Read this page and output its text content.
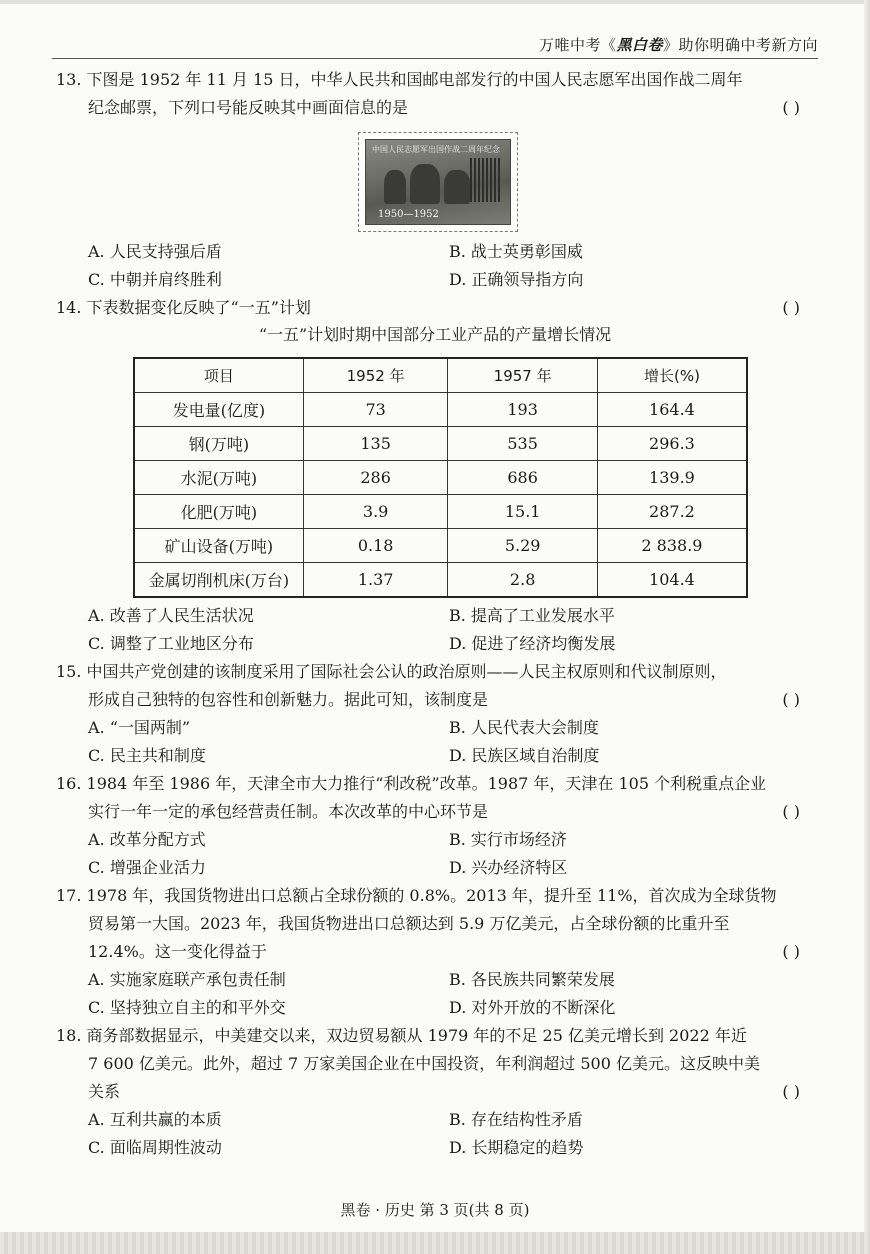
万唯中考《黑白卷》助你明确中考新方向
13. 下图是 1952 年 11 月 15 日，中华人民共和国邮电部发行的中国人民志愿军出国作战二周年
纪念邮票，下列口号能反映其中画面信息的是	( )
中国人民志愿军出国作战二周年纪念
1950—1952
A. 人民支持强后盾	B. 战士英勇彰国威
C. 中朝并肩终胜利	D. 正确领导指方向
14. 下表数据变化反映了“一五”计划	( )
“一五”计划时期中国部分工业产品的产量增长情况
项目	1952 年	1957 年	增长(%)
发电量(亿度)	73	193	164.4
钢(万吨)	135	535	296.3
水泥(万吨)	286	686	139.9
化肥(万吨)	3.9	15.1	287.2
矿山设备(万吨)	0.18	5.29	2 838.9
金属切削机床(万台)	1.37	2.8	104.4
A. 改善了人民生活状况	B. 提高了工业发展水平
C. 调整了工业地区分布	D. 促进了经济均衡发展
15. 中国共产党创建的该制度采用了国际社会公认的政治原则——人民主权原则和代议制原则，
形成自己独特的包容性和创新魅力。据此可知，该制度是	( )
A. “一国两制”	B. 人民代表大会制度
C. 民主共和制度	D. 民族区域自治制度
16. 1984 年至 1986 年，天津全市大力推行“利改税”改革。1987 年，天津在 105 个利税重点企业
实行一年一定的承包经营责任制。本次改革的中心环节是	( )
A. 改革分配方式	B. 实行市场经济
C. 增强企业活力	D. 兴办经济特区
17. 1978 年，我国货物进出口总额占全球份额的 0.8%。2013 年，提升至 11%，首次成为全球货物
贸易第一大国。2023 年，我国货物进出口总额达到 5.9 万亿美元，占全球份额的比重升至
12.4%。这一变化得益于	( )
A. 实施家庭联产承包责任制	B. 各民族共同繁荣发展
C. 坚持独立自主的和平外交	D. 对外开放的不断深化
18. 商务部数据显示，中美建交以来，双边贸易额从 1979 年的不足 25 亿美元增长到 2022 年近
7 600 亿美元。此外，超过 7 万家美国企业在中国投资，年利润超过 500 亿美元。这反映中美
关系	( )
A. 互利共赢的本质	B. 存在结构性矛盾
C. 面临周期性波动	D. 长期稳定的趋势
黑卷 · 历史 第 3 页(共 8 页)
